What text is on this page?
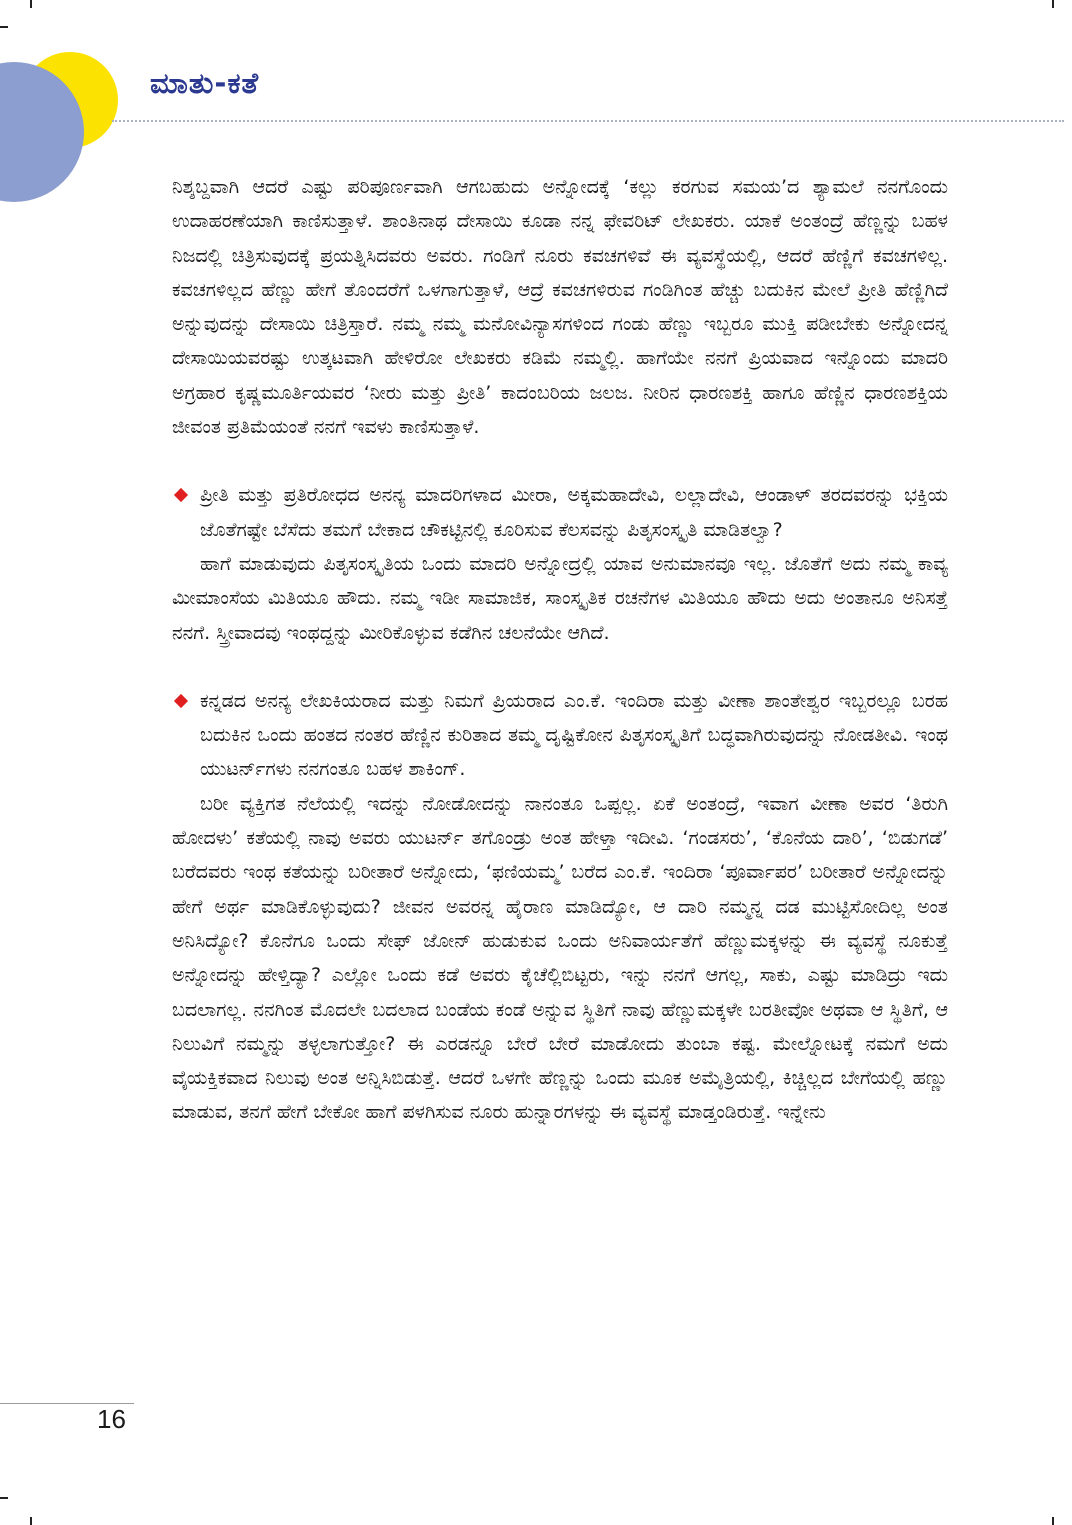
ಮಾತು-ಕತೆ

ನಿಶ್ಶಬ್ದವಾಗಿ ಆದರೆ ಎಷ್ಟು ಪರಿಪೂರ್ಣವಾಗಿ ಆಗಬಹುದು ಅನ್ನೋದಕ್ಕೆ ‘ಕಲ್ಲು ಕರಗುವ ಸಮಯ’ದ ಶ್ಯಾಮಲೆ ನನಗೊಂದು ಉದಾಹರಣೆಯಾಗಿ ಕಾಣಿಸುತ್ತಾಳೆ. ಶಾಂತಿನಾಥ ದೇಸಾಯಿ ಕೂಡಾ ನನ್ನ ಫೇವರಿಟ್ ಲೇಖಕರು. ಯಾಕೆ ಅಂತಂದ್ರೆ ಹೆಣ್ಣನ್ನು ಬಹಳ ನಿಜದಲ್ಲಿ ಚಿತ್ರಿಸುವುದಕ್ಕೆ ಪ್ರಯತ್ನಿಸಿದವರು ಅವರು. ಗಂಡಿಗೆ ನೂರು ಕವಚಗಳಿವೆ ಈ ವ್ಯವಸ್ಥೆಯಲ್ಲಿ, ಆದರೆ ಹೆಣ್ಣಿಗೆ ಕವಚಗಳಿಲ್ಲ. ಕವಚಗಳಿಲ್ಲದ ಹೆಣ್ಣು ಹೇಗೆ ತೊಂದರೆಗೆ ಒಳಗಾಗುತ್ತಾಳೆ, ಆದ್ರೆ ಕವಚಗಳಿರುವ ಗಂಡಿಗಿಂತ ಹೆಚ್ಚು ಬದುಕಿನ ಮೇಲೆ ಪ್ರೀತಿ ಹೆಣ್ಣಿಗಿದೆ ಅನ್ನುವುದನ್ನು ದೇಸಾಯಿ ಚಿತ್ರಿಸ್ತಾರೆ. ನಮ್ಮ ನಮ್ಮ ಮನೋವಿನ್ಯಾಸಗಳಿಂದ ಗಂಡು ಹೆಣ್ಣು ಇಬ್ಬರೂ ಮುಕ್ತಿ ಪಡೀಬೇಕು ಅನ್ನೋದನ್ನ ದೇಸಾಯಿಯವರಷ್ಟು ಉತ್ಕಟವಾಗಿ ಹೇಳಿರೋ ಲೇಖಕರು ಕಡಿಮೆ ನಮ್ಮಲ್ಲಿ. ಹಾಗೆಯೇ ನನಗೆ ಪ್ರಿಯವಾದ ಇನ್ನೊಂದು ಮಾದರಿ ಅಗ್ರಹಾರ ಕೃಷ್ಣಮೂರ್ತಿಯವರ ‘ನೀರು ಮತ್ತು ಪ್ರೀತಿ’ ಕಾದಂಬರಿಯ ಜಲಜ. ನೀರಿನ ಧಾರಣಶಕ್ತಿ ಹಾಗೂ ಹೆಣ್ಣಿನ ಧಾರಣಶಕ್ತಿಯ ಜೀವಂತ ಪ್ರತಿಮೆಯಂತೆ ನನಗೆ ಇವಳು ಕಾಣಿಸುತ್ತಾಳೆ.

ಪ್ರೀತಿ ಮತ್ತು ಪ್ರತಿರೋಧದ ಅನನ್ಯ ಮಾದರಿಗಳಾದ ಮೀರಾ, ಅಕ್ಕಮಹಾದೇವಿ, ಲಲ್ಲಾದೇವಿ, ಆಂಡಾಳ್ ತರದವರನ್ನು ಭಕ್ತಿಯ ಜೊತೆಗಷ್ಟೇ ಬೆಸೆದು ತಮಗೆ ಬೇಕಾದ ಚೌಕಟ್ಟಿನಲ್ಲಿ ಕೂರಿಸುವ ಕೆಲಸವನ್ನು ಪಿತೃಸಂಸ್ಕೃತಿ ಮಾಡಿತಲ್ವಾ?

ಹಾಗೆ ಮಾಡುವುದು ಪಿತೃಸಂಸ್ಕೃತಿಯ ಒಂದು ಮಾದರಿ ಅನ್ನೋದ್ರಲ್ಲಿ ಯಾವ ಅನುಮಾನವೂ ಇಲ್ಲ. ಜೊತೆಗೆ ಅದು ನಮ್ಮ ಕಾವ್ಯ ಮೀಮಾಂಸೆಯ ಮಿತಿಯೂ ಹೌದು. ನಮ್ಮ ಇಡೀ ಸಾಮಾಜಿಕ, ಸಾಂಸ್ಕೃತಿಕ ರಚನೆಗಳ ಮಿತಿಯೂ ಹೌದು ಅದು ಅಂತಾನೂ ಅನಿಸತ್ತೆ ನನಗೆ. ಸ್ತ್ರೀವಾದವು ಇಂಥದ್ದನ್ನು ಮೀರಿಕೊಳ್ಳುವ ಕಡೆಗಿನ ಚಲನೆಯೇ ಆಗಿದೆ.

ಕನ್ನಡದ ಅನನ್ಯ ಲೇಖಕಿಯರಾದ ಮತ್ತು ನಿಮಗೆ ಪ್ರಿಯರಾದ ಎಂ.ಕೆ. ಇಂದಿರಾ ಮತ್ತು ವೀಣಾ ಶಾಂತೇಶ್ವರ ಇಬ್ಬರಲ್ಲೂ ಬರಹ ಬದುಕಿನ ಒಂದು ಹಂತದ ನಂತರ ಹೆಣ್ಣಿನ ಕುರಿತಾದ ತಮ್ಮ ದೃಷ್ಟಿಕೋನ ಪಿತೃಸಂಸ್ಕೃತಿಗೆ ಬದ್ಧವಾಗಿರುವುದನ್ನು ನೋಡತೀವಿ. ಇಂಥ ಯುಟರ್ನ್‌ಗಳು ನನಗಂತೂ ಬಹಳ ಶಾಕಿಂಗ್.

ಬರೀ ವ್ಯಕ್ತಿಗತ ನೆಲೆಯಲ್ಲಿ ಇದನ್ನು ನೋಡೋದನ್ನು ನಾನಂತೂ ಒಪ್ಪಲ್ಲ. ಏಕೆ ಅಂತಂದ್ರೆ, ಇವಾಗ ವೀಣಾ ಅವರ ‘ತಿರುಗಿ ಹೋದಳು’ ಕತೆಯಲ್ಲಿ ನಾವು ಅವರು ಯುಟರ್ನ್ ತಗೊಂಡ್ರು ಅಂತ ಹೇಳ್ತಾ ಇದೀವಿ. ‘ಗಂಡಸರು’, ‘ಕೊನೆಯ ದಾರಿ’, ‘ಬಿಡುಗಡೆ’ ಬರೆದವರು ಇಂಥ ಕತೆಯನ್ನು ಬರೀತಾರೆ ಅನ್ನೋದು, ‘ಫಣಿಯಮ್ಮ’ ಬರೆದ ಎಂ.ಕೆ. ಇಂದಿರಾ ‘ಪೂರ್ವಾಪರ’ ಬರೀತಾರೆ ಅನ್ನೋದನ್ನು ಹೇಗೆ ಅರ್ಥ ಮಾಡಿಕೊಳ್ಳುವುದು? ಜೀವನ ಅವರನ್ನ ಹೈರಾಣ ಮಾಡಿದ್ಯೋ, ಆ ದಾರಿ ನಮ್ಮನ್ನ ದಡ ಮುಟ್ಟಿಸೋದಿಲ್ಲ ಅಂತ ಅನಿಸಿದ್ಯೋ? ಕೊನೆಗೂ ಒಂದು ಸೇಫ್ ಜೋನ್ ಹುಡುಕುವ ಒಂದು ಅನಿವಾರ್ಯತೆಗೆ ಹೆಣ್ಣುಮಕ್ಕಳನ್ನು ಈ ವ್ಯವಸ್ಥೆ ನೂಕುತ್ತೆ ಅನ್ನೋದನ್ನು ಹೇಳ್ತಿದ್ಯಾ? ಎಲ್ಲೋ ಒಂದು ಕಡೆ ಅವರು ಕೈಚೆಲ್ಲಿಬಿಟ್ಟರು, ಇನ್ನು ನನಗೆ ಆಗಲ್ಲ, ಸಾಕು, ಎಷ್ಟು ಮಾಡಿದ್ರು ಇದು ಬದಲಾಗಲ್ಲ. ನನಗಿಂತ ಮೊದಲೇ ಬದಲಾದ ಬಂಡೆಯ ಕಂಡೆ ಅನ್ನುವ ಸ್ಥಿತಿಗೆ ನಾವು ಹೆಣ್ಣುಮಕ್ಕಳೇ ಬರತೀವೋ ಅಥವಾ ಆ ಸ್ಥಿತಿಗೆ, ಆ ನಿಲುವಿಗೆ ನಮ್ಮನ್ನು ತಳ್ಳಲಾಗುತ್ತೋ? ಈ ಎರಡನ್ನೂ ಬೇರೆ ಬೇರೆ ಮಾಡೋದು ತುಂಬಾ ಕಷ್ಟ. ಮೇಲ್ನೋಟಕ್ಕೆ ನಮಗೆ ಅದು ವೈಯಕ್ತಿಕವಾದ ನಿಲುವು ಅಂತ ಅನ್ನಿಸಿಬಿಡುತ್ತೆ. ಆದರೆ ಒಳಗೇ ಹೆಣ್ಣನ್ನು ಒಂದು ಮೂಕ ಅಮೈತ್ರಿಯಲ್ಲಿ, ಕಿಚ್ಚಿಲ್ಲದ ಬೇಗೆಯಲ್ಲಿ ಹಣ್ಣು ಮಾಡುವ, ತನಗೆ ಹೇಗೆ ಬೇಕೋ ಹಾಗೆ ಪಳಗಿಸುವ ನೂರು ಹುನ್ನಾರಗಳನ್ನು ಈ ವ್ಯವಸ್ಥೆ ಮಾಡ್ತಂಡಿರುತ್ತೆ. ಇನ್ನೇನು

16
